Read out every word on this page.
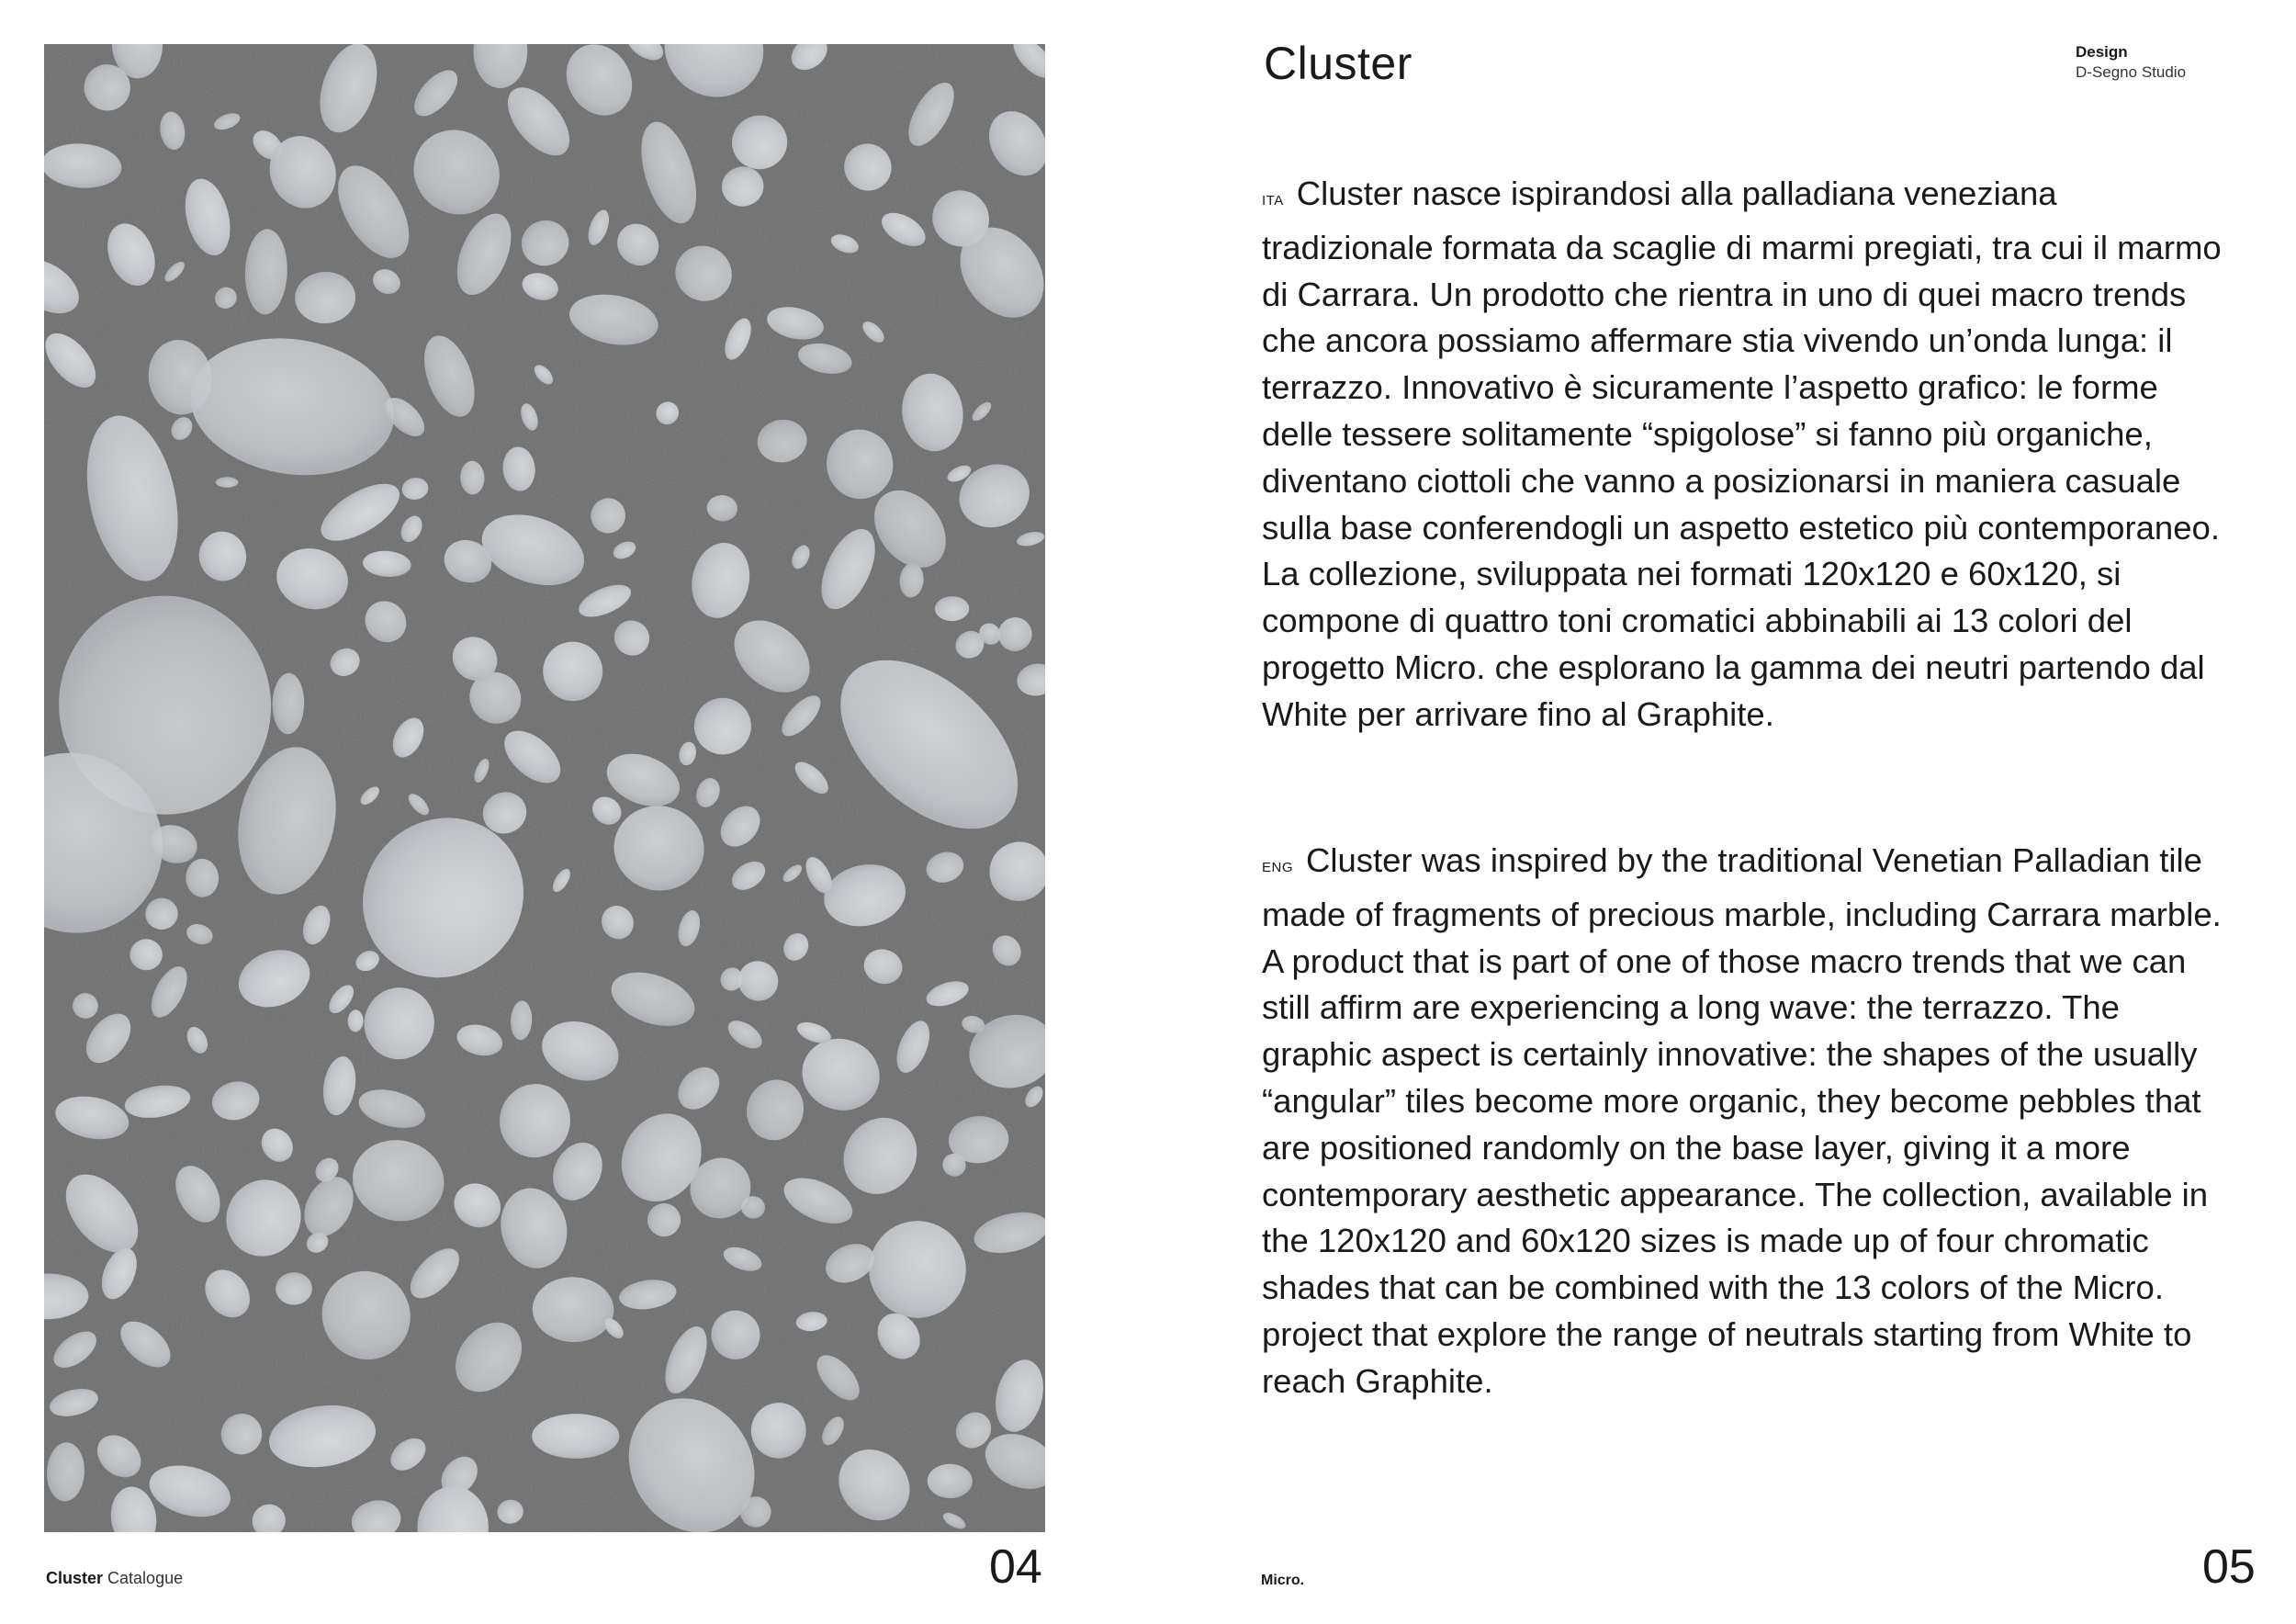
Cluster Catalogue	04
Cluster	Design
D-Segno Studio
ITA Cluster nasce ispirandosi alla palladiana veneziana tradizionale formata da scaglie di marmi pregiati, tra cui il marmo di Carrara. Un prodotto che rientra in uno di quei macro trends che ancora possiamo affermare stia vivendo un’onda lunga: il terrazzo. Innovativo è sicuramente l’aspetto grafico: le forme delle tessere solitamente “spigolose” si fanno più organiche, diventano ciottoli che vanno a posizionarsi in maniera casuale sulla base conferendogli un aspetto estetico più contemporaneo.
La collezione, sviluppata nei formati 120x120 e 60x120, si compone di quattro toni cromatici abbinabili ai 13 colori del progetto Micro. che esplorano la gamma dei neutri partendo dal White per arrivare fino al Graphite.
ENG Cluster was inspired by the traditional Venetian Palladian tile made of fragments of precious marble, including Carrara marble. A product that is part of one of those macro trends that we can still affirm are experiencing a long wave: the terrazzo. The graphic aspect is certainly innovative: the shapes of the usually “angular” tiles become more organic, they become pebbles that are positioned randomly on the base layer, giving it a more contemporary aesthetic appearance. The collection, available in the 120x120 and 60x120 sizes is made up of four chromatic shades that can be combined with the 13 colors of the Micro. project that explore the range of neutrals starting from White to reach Graphite.
Micro.	05
